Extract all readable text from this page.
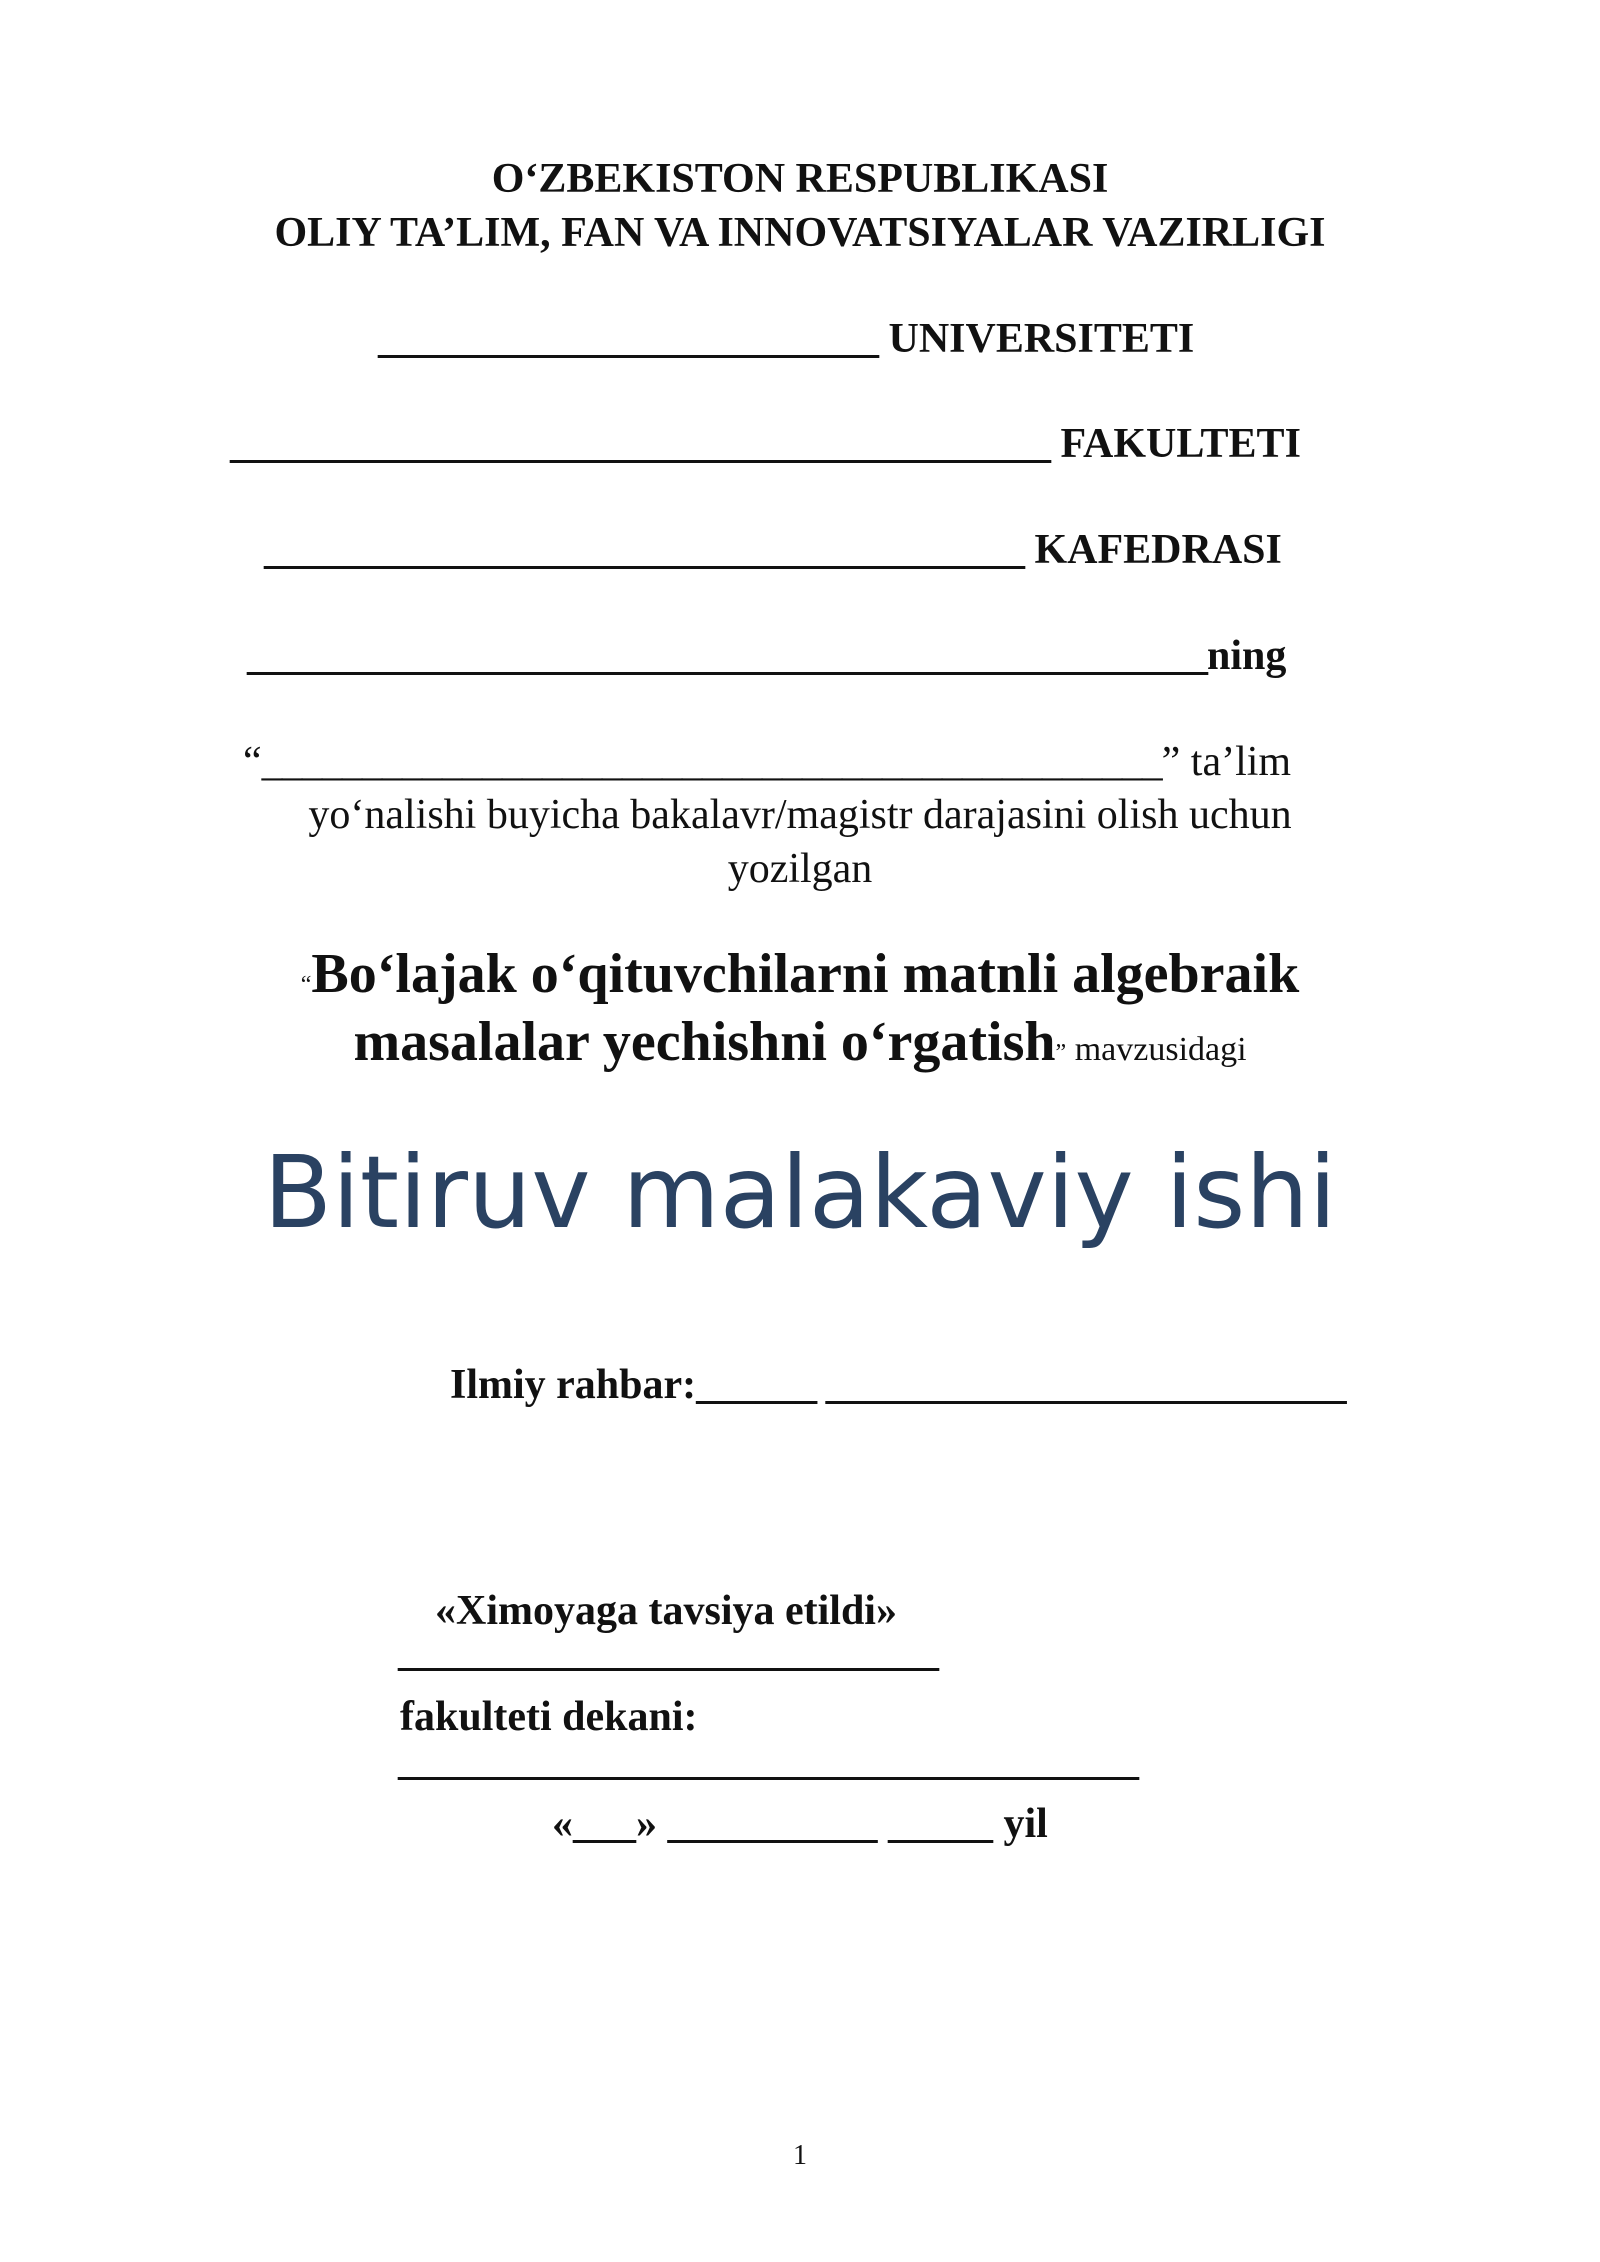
O‘ZBEKISTON RESPUBLIKASI
OLIY TA’LIM, FAN VA INNOVATSIYALAR VAZIRLIGI
_________________________ UNIVERSITETI
_________________________________________ FAKULTETI
______________________________________ KAFEDRASI
________________________________________________ning
“_____________________________________________” ta’lim
yo‘nalishi buyicha bakalavr/magistr darajasini olish uchun
yozilgan
“Bo‘lajak o‘qituvchilarni matnli algebraik
masalalar yechishni o‘rgatish” mavzusidagi
Bitiruv malakaviy ishi
Ilmiy rahbar:______ __________________________
«Ximoyaga tavsiya etildi»
___________________________
fakulteti dekani:
_____________________________________
«___» __________ _____ yil
1
